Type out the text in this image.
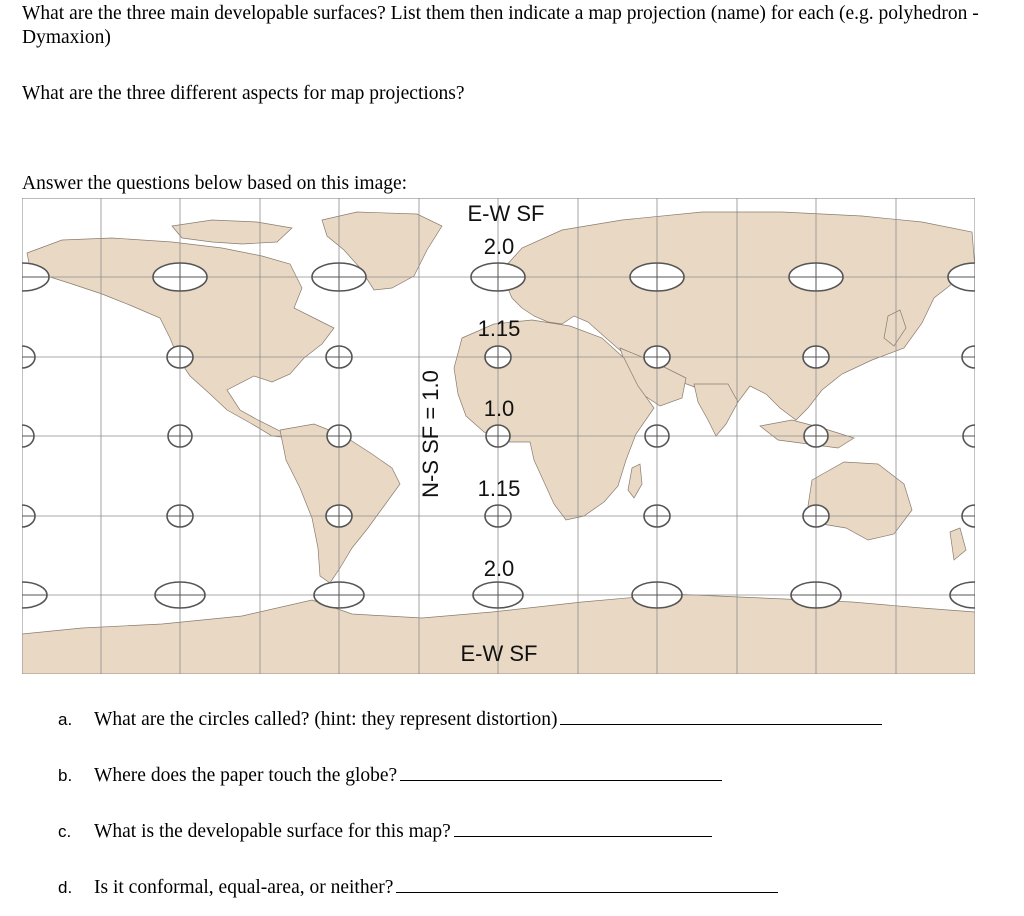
What are the three main developable surfaces? List them then indicate a map projection (name) for each (e.g. polyhedron - Dymaxion)

What are the three different aspects for map projections?

Answer the questions below based on this image:

E-W SF
2.0
1.15
1.0
1.15
2.0
E-W SF
N-S SF = 1.0
a.	What are the circles called? (hint: they represent distortion)
b.	Where does the paper touch the globe?
c.	What is the developable surface for this map?
d.	Is it conformal, equal-area, or neither?
